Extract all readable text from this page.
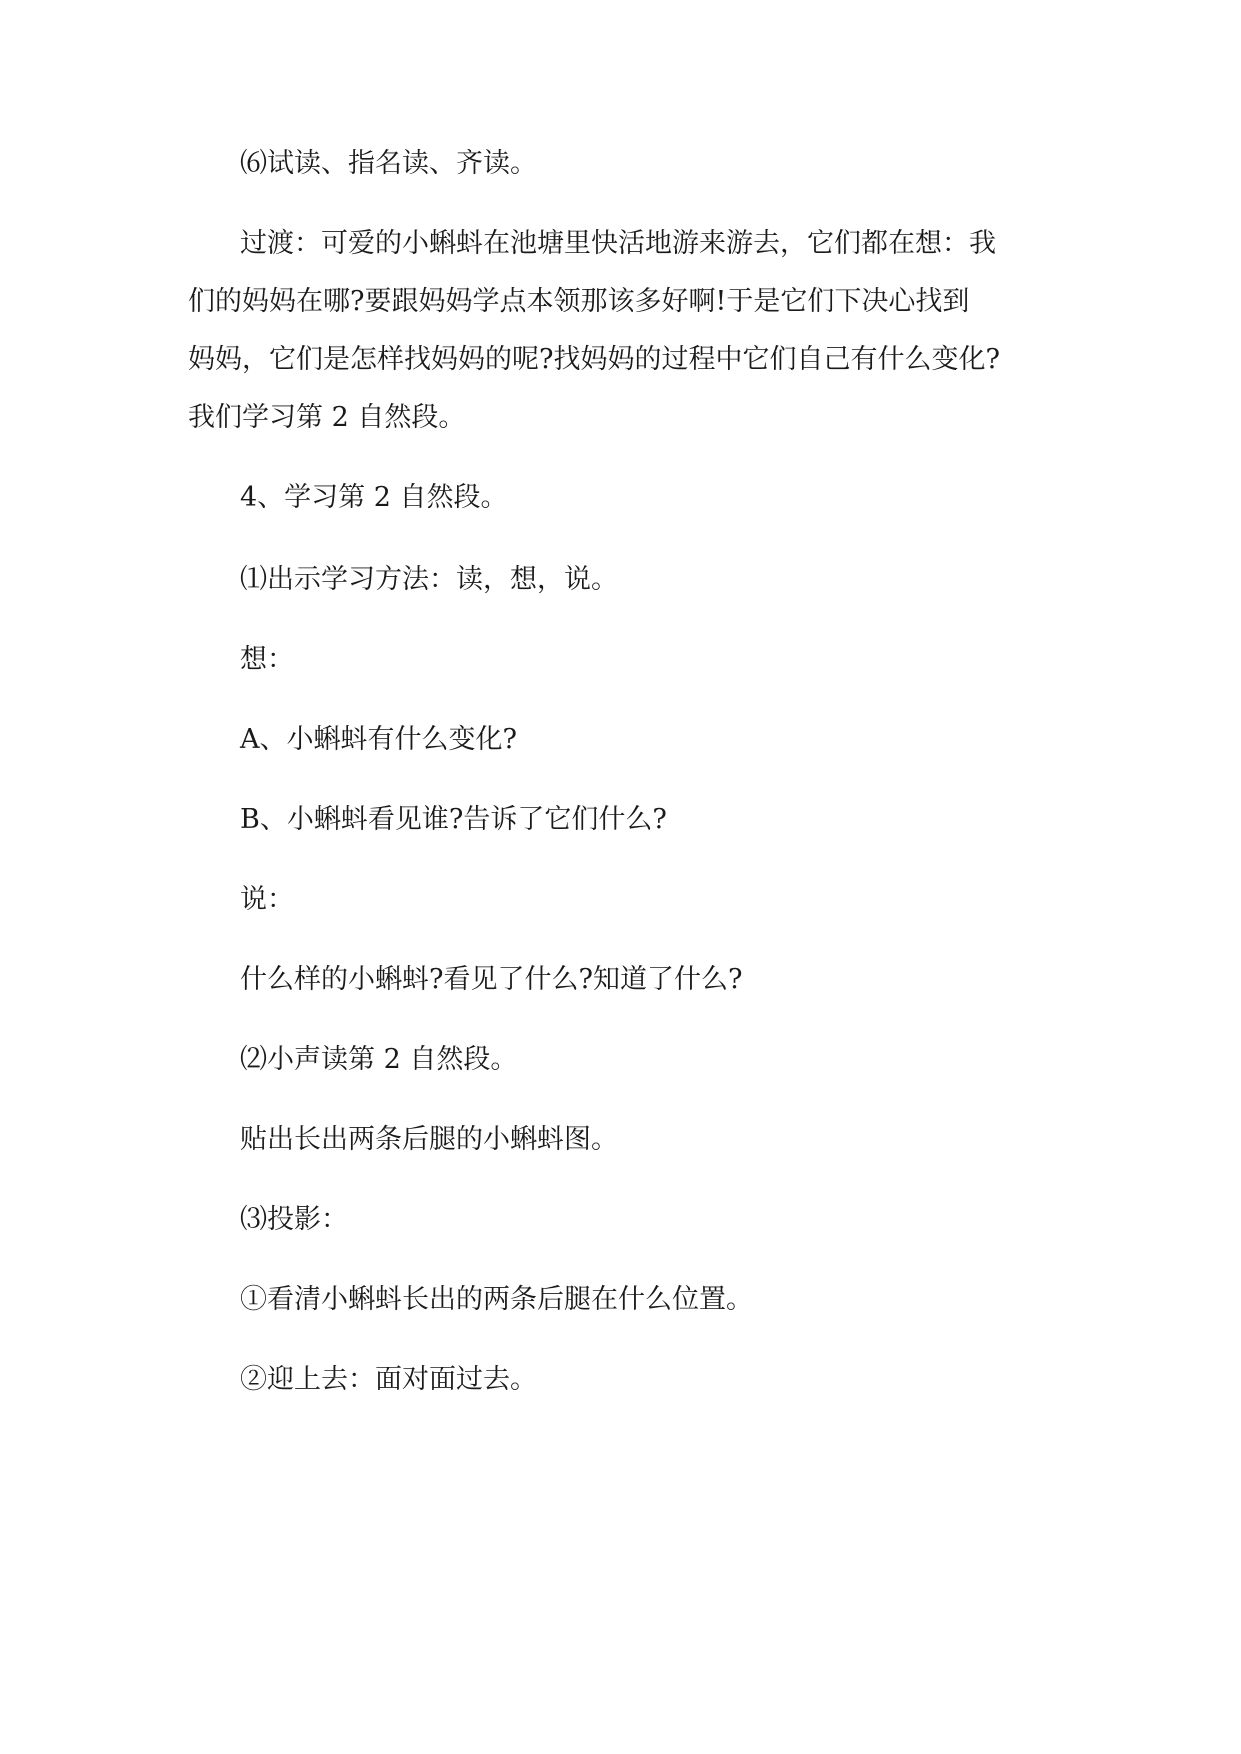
⑹试读、指名读、齐读。

过渡：可爱的小蝌蚪在池塘里快活地游来游去，它们都在想：我
们的妈妈在哪?要跟妈妈学点本领那该多好啊!于是它们下决心找到
妈妈，它们是怎样找妈妈的呢?找妈妈的过程中它们自己有什么变化?
我们学习第 2 自然段。

4、学习第 2 自然段。

⑴出示学习方法：读，想，说。

想：

A、小蝌蚪有什么变化?

B、小蝌蚪看见谁?告诉了它们什么?

说：

什么样的小蝌蚪?看见了什么?知道了什么?

⑵小声读第 2 自然段。

贴出长出两条后腿的小蝌蚪图。

⑶投影：

①看清小蝌蚪长出的两条后腿在什么位置。

②迎上去：面对面过去。
